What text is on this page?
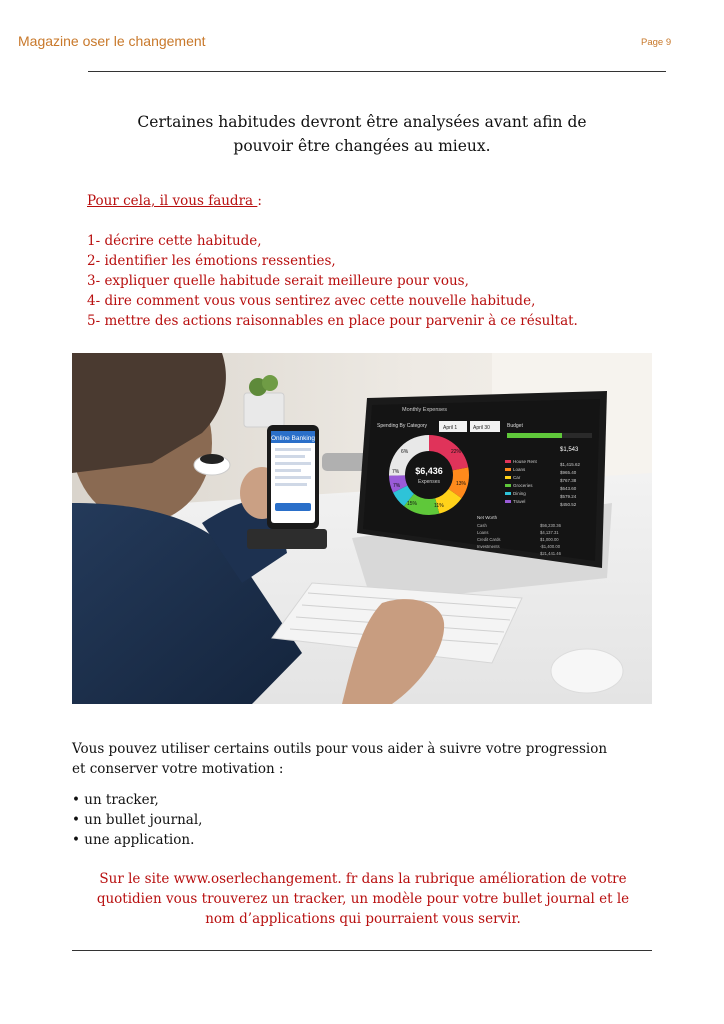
Magazine oser le changement	Page 9
Certaines habitudes devront être analysées avant afin de
pouvoir être changées au mieux.
Pour cela, il vous faudra :
1- décrire cette habitude,
2- identifier les émotions ressenties,
3- expliquer quelle habitude serait meilleure pour vous,
4- dire comment vous vous sentirez avec cette nouvelle habitude,
5- mettre des actions raisonnables en place pour parvenir à ce résultat.
Online Banking
Monthly Expenses
Spending By Category	April 1	April 30
$6,436
Expenses
22%
13%
11%
15%
7%
7%
6%
Budget
$1,543
House Rent
$1,415.62
Loans
$965.40
Car
$767.38
Groceries
$643.60
Dining
$579.24
Travel
$450.52
Net Worth
Cash	$56,230.36
Loans	$4,137.31
Credit Cards	$1,000.00
Investments	-$1,400.00
$21,441.46
Vous pouvez utiliser certains outils pour vous aider à suivre votre progression
et conserver votre motivation :
• un tracker,
• un bullet journal,
• une application.
Sur le site www.oserlechangement. fr dans la rubrique amélioration de votre
quotidien vous trouverez un tracker, un modèle pour votre bullet journal et le
nom d’applications qui pourraient vous servir.
